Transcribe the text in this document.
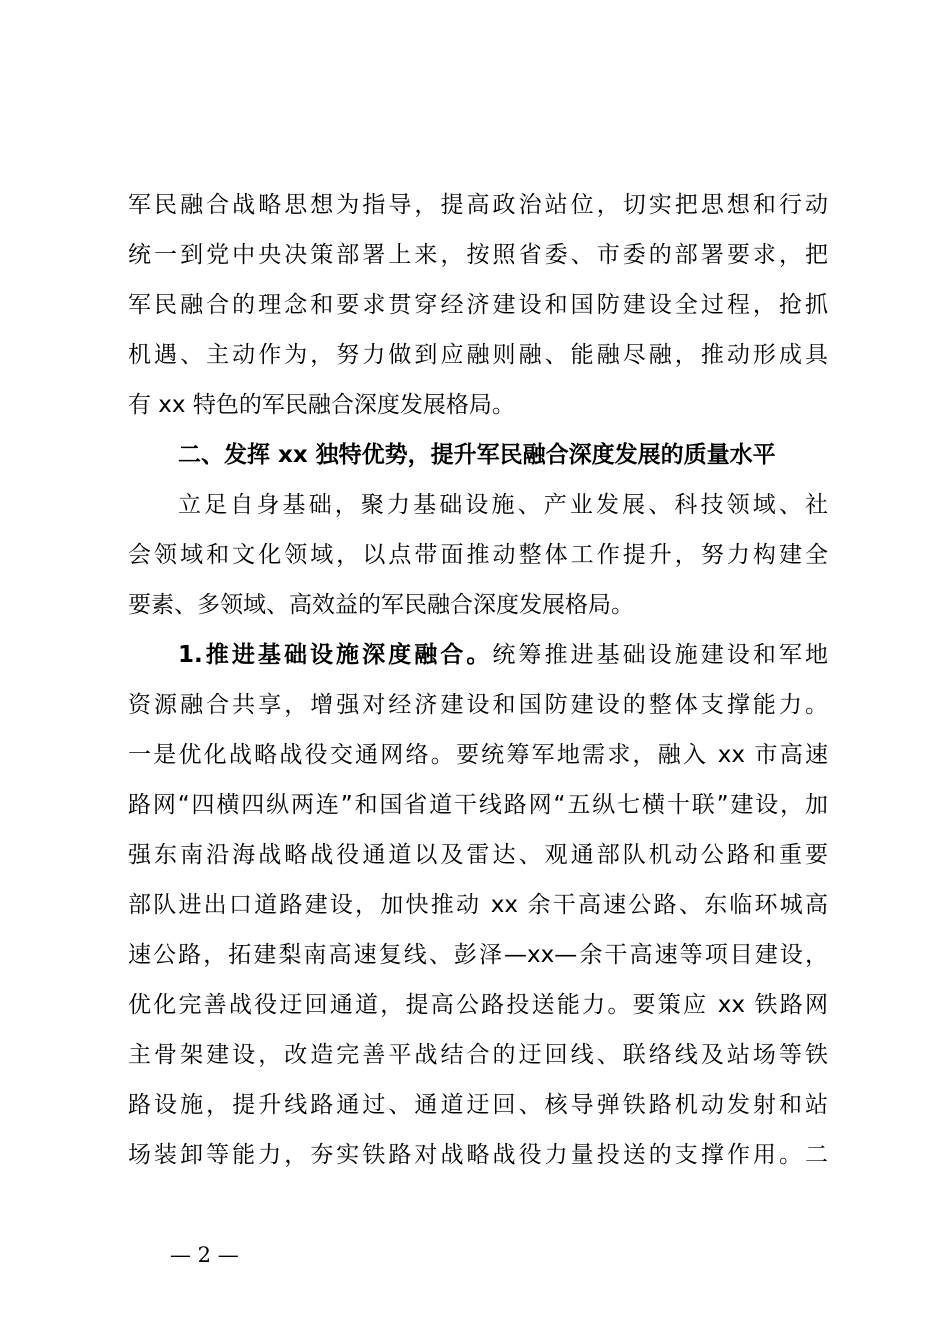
军民融合战略思想为指导，提高政治站位，切实把思想和行动
统一到党中央决策部署上来，按照省委、市委的部署要求，把
军民融合的理念和要求贯穿经济建设和国防建设全过程，抢抓
机遇、主动作为，努力做到应融则融、能融尽融，推动形成具
有 xx 特色的军民融合深度发展格局。
二、发挥 xx 独特优势，提升军民融合深度发展的质量水平
立足自身基础，聚力基础设施、产业发展、科技领域、社
会领域和文化领域，以点带面推动整体工作提升，努力构建全
要素、多领域、高效益的军民融合深度发展格局。
1.推进基础设施深度融合。统筹推进基础设施建设和军地
资源融合共享，增强对经济建设和国防建设的整体支撑能力。
一是优化战略战役交通网络。要统筹军地需求，融入 xx 市高速
路网“四横四纵两连”和国省道干线路网“五纵七横十联”建设，加
强东南沿海战略战役通道以及雷达、观通部队机动公路和重要
部队进出口道路建设，加快推动 xx 余干高速公路、东临环城高
速公路，拓建梨南高速复线、彭泽—xx—余干高速等项目建设，
优化完善战役迂回通道，提高公路投送能力。要策应 xx 铁路网
主骨架建设，改造完善平战结合的迂回线、联络线及站场等铁
路设施，提升线路通过、通道迂回、核导弹铁路机动发射和站
场装卸等能力，夯实铁路对战略战役力量投送的支撑作用。二
— 2 —
